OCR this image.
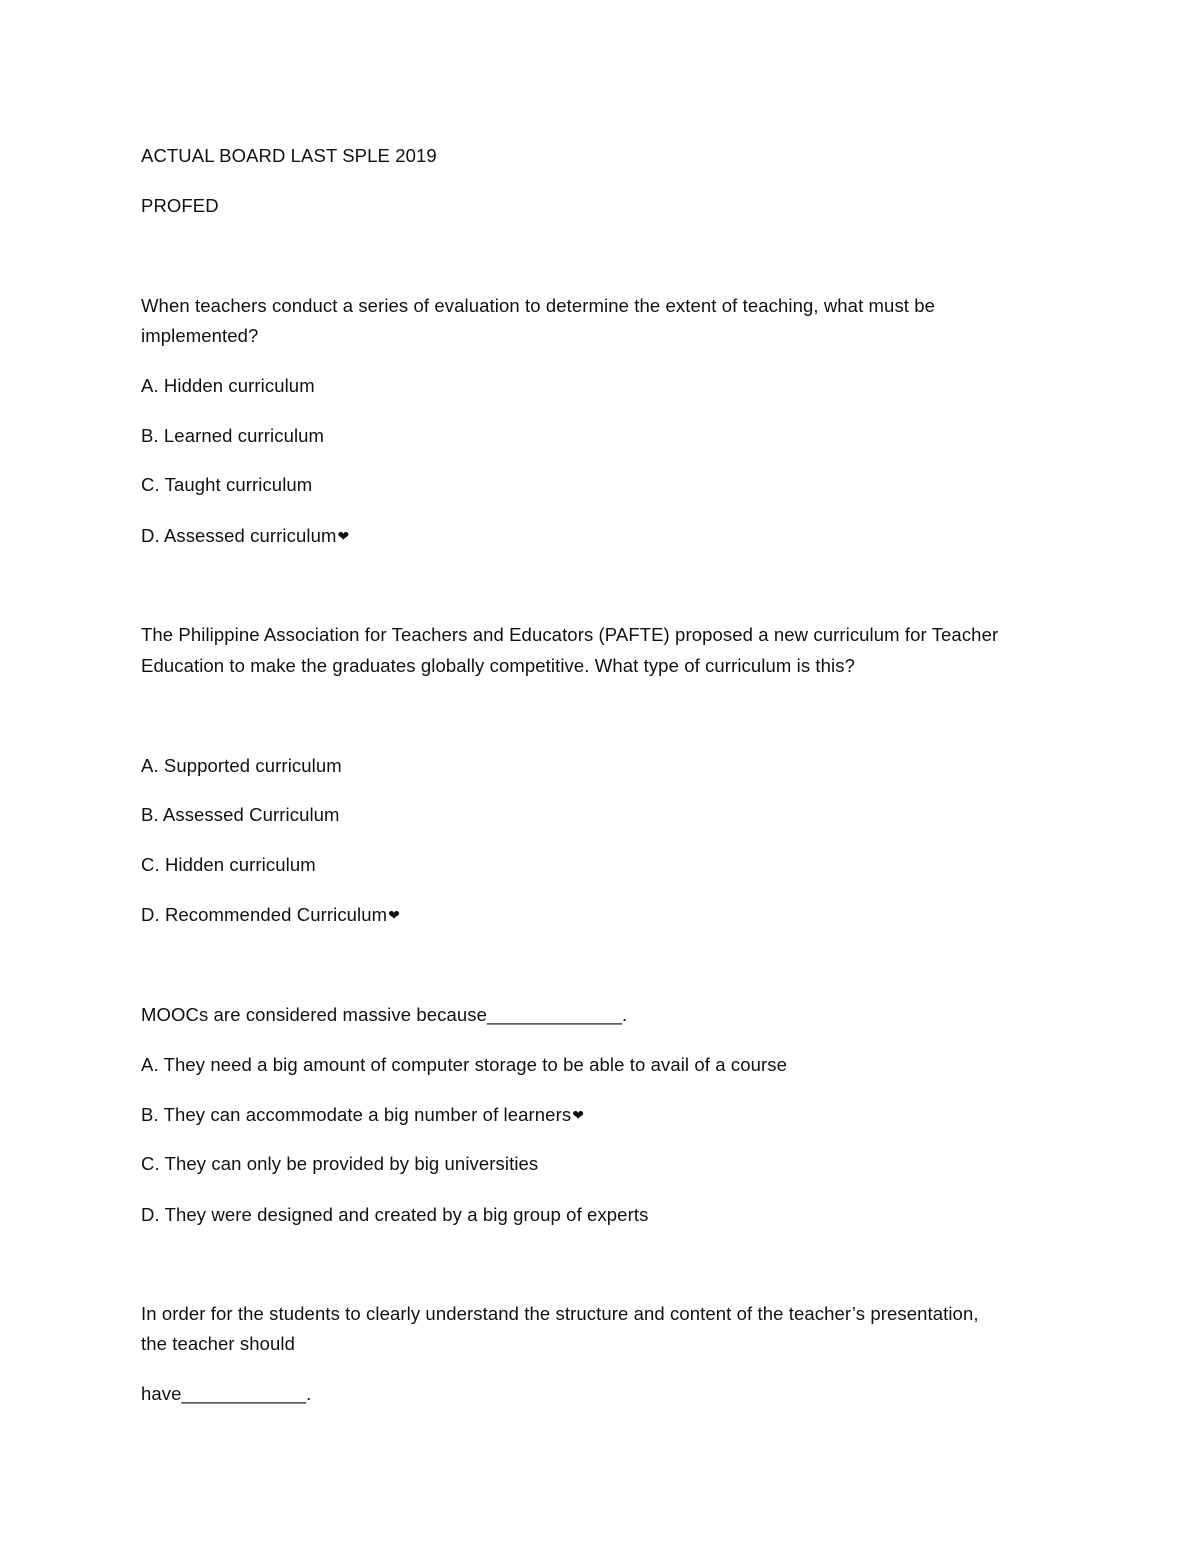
ACTUAL BOARD LAST SPLE 2019
PROFED
When teachers conduct a series of evaluation to determine the extent of teaching, what must be
implemented?
A. Hidden curriculum
B. Learned curriculum
C. Taught curriculum
D. Assessed curriculum❤
The Philippine Association for Teachers and Educators (PAFTE) proposed a new curriculum for Teacher
Education to make the graduates globally competitive. What type of curriculum is this?
A. Supported curriculum
B. Assessed Curriculum
C. Hidden curriculum
D. Recommended Curriculum❤
MOOCs are considered massive because_____________.
A. They need a big amount of computer storage to be able to avail of a course
B. They can accommodate a big number of learners❤
C. They can only be provided by big universities
D. They were designed and created by a big group of experts
In order for the students to clearly understand the structure and content of the teacher’s presentation,
the teacher should
have____________.
